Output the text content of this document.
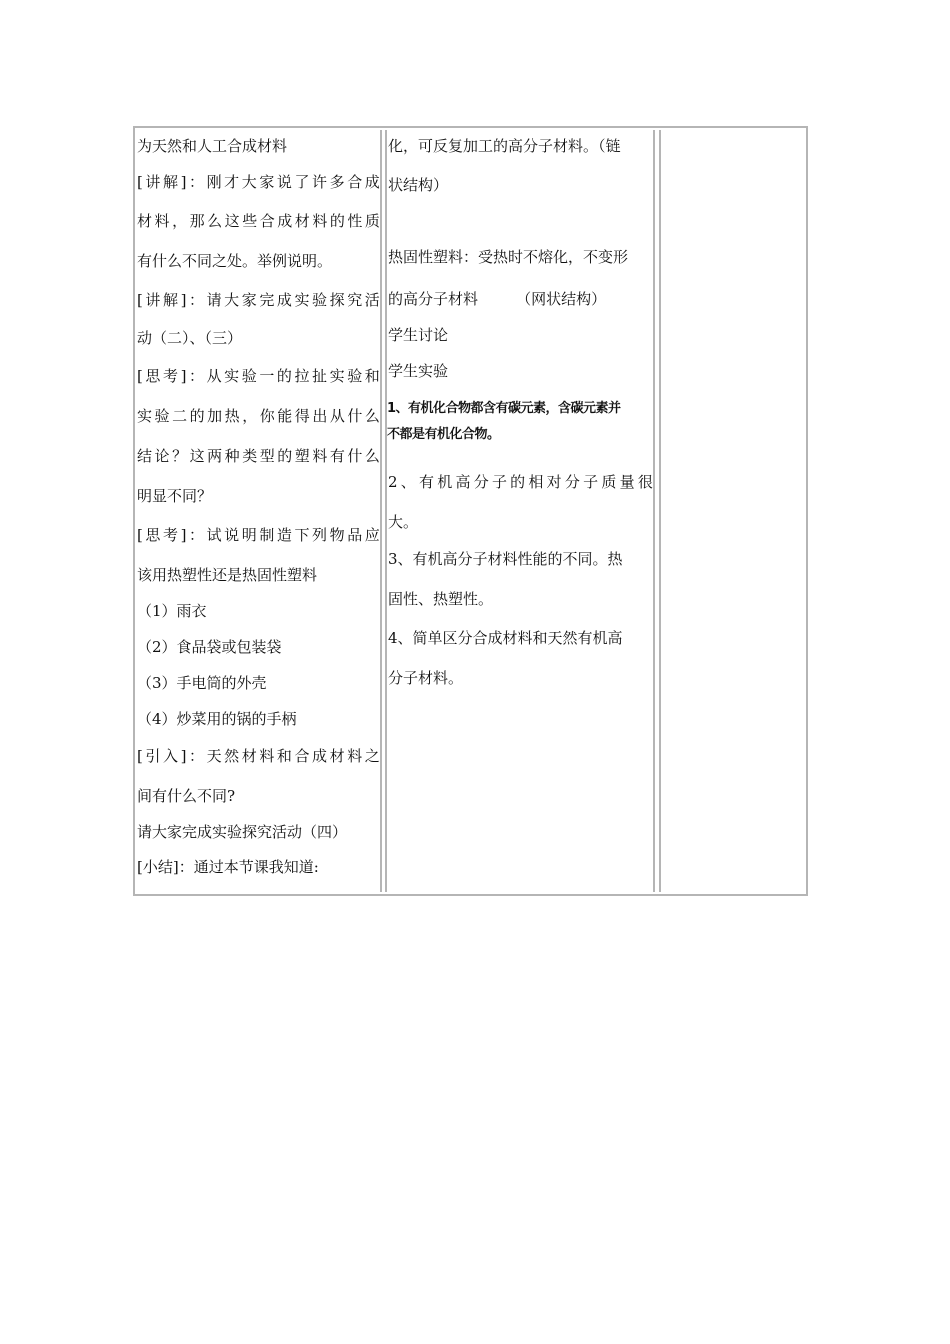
为天然和人工合成材料
[ 讲 解 ] ： 刚 才 大 家 说 了 许 多 合 成
材 料 ， 那 么 这 些 合 成 材 料 的 性 质
有什么不同之处。举例说明。
[ 讲 解 ] ： 请 大 家 完 成 实 验 探 究 活
动（二）、（三）
[ 思 考 ] ： 从 实 验 一 的 拉 扯 实 验 和
实 验 二 的 加 热 ， 你 能 得 出 从 什 么
结 论 ？ 这 两 种 类 型 的 塑 料 有 什 么
明显不同？
[ 思 考 ] ： 试 说 明 制 造 下 列 物 品 应
该用热塑性还是热固性塑料
（1）雨衣
（2）食品袋或包装袋
（3）手电筒的外壳
（4）炒菜用的锅的手柄
[ 引 入 ] ： 天 然 材 料 和 合 成 材 料 之
间有什么不同?
请大家完成实验探究活动（四）
[小结]：通过本节课我知道:
化，可反复加工的高分子材料。（链
状结构）
热固性塑料：受热时不熔化，不变形
的高分子材料        （网状结构）
学生讨论
学生实验
1、有机化合物都含有碳元素，含碳元素并
不都是有机化合物。
2 、 有 机 高 分 子 的 相 对 分 子 质 量 很
大。
3、有机高分子材料性能的不同。热
固性、热塑性。
4、简单区分合成材料和天然有机高
分子材料。
